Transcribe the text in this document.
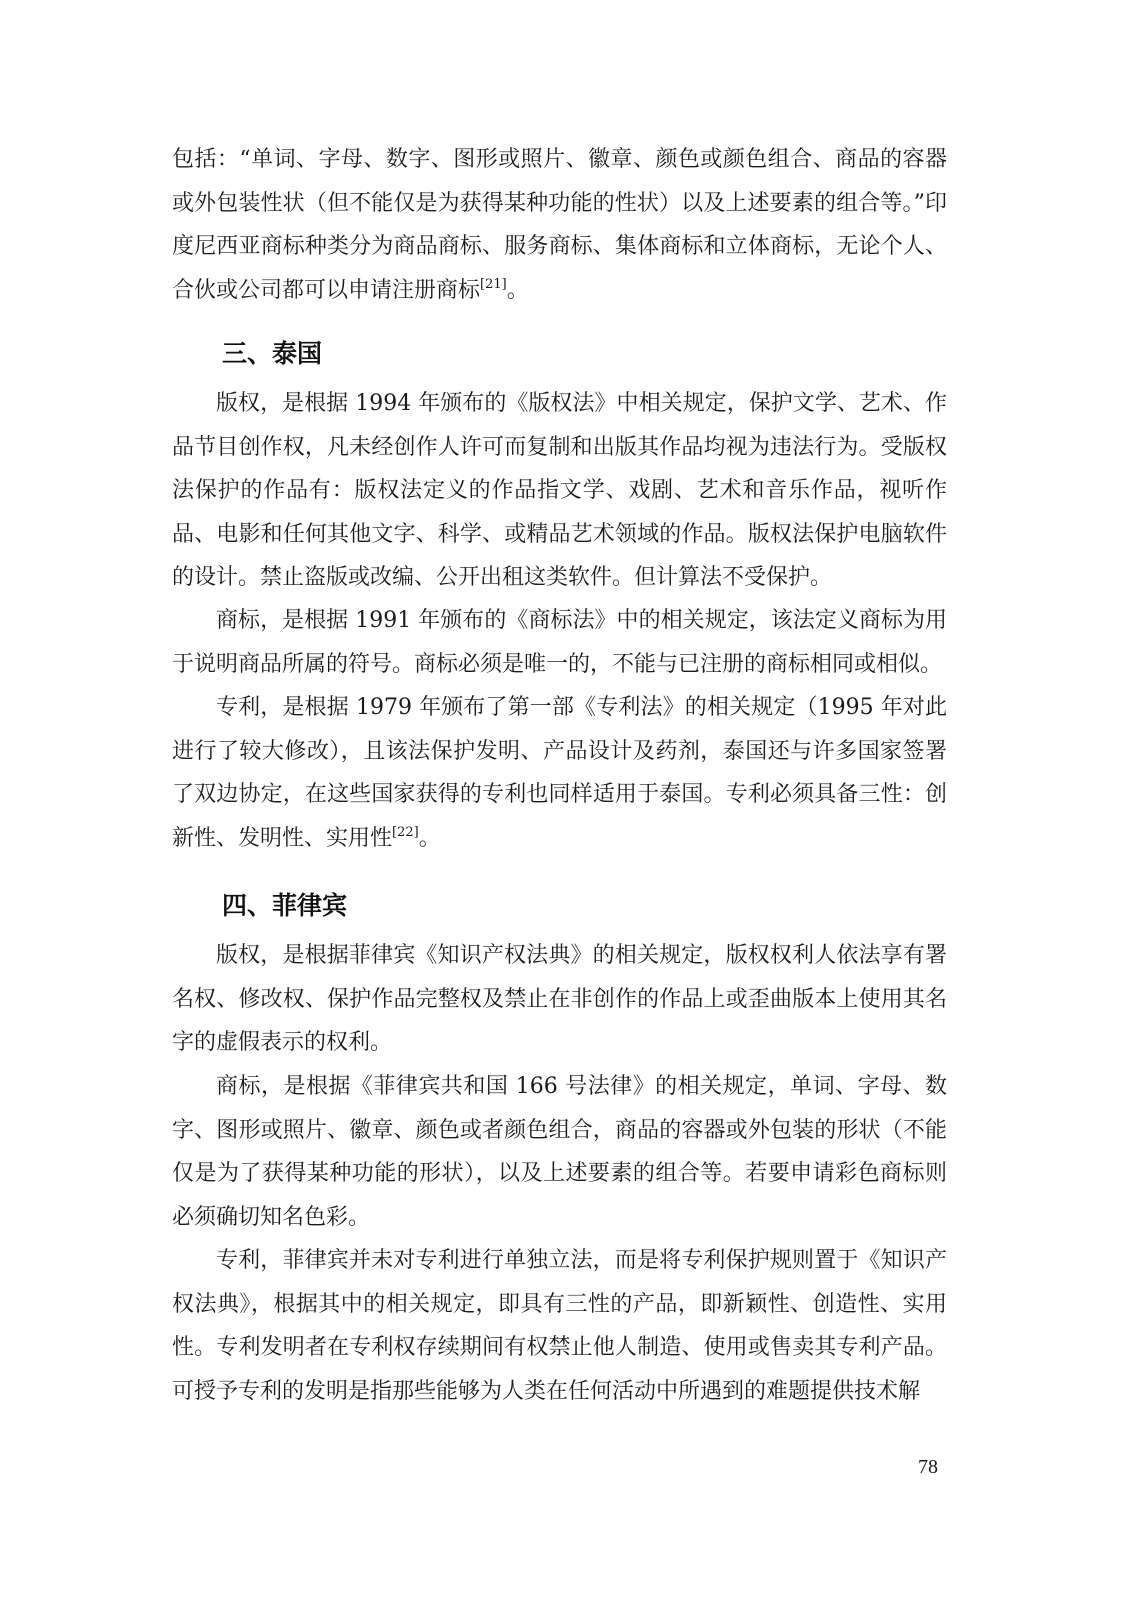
包括：“单词、字母、数字、图形或照片、徽章、颜色或颜色组合、商品的容器或外包装性状（但不能仅是为获得某种功能的性状）以及上述要素的组合等。”印度尼西亚商标种类分为商品商标、服务商标、集体商标和立体商标，无论个人、合伙或公司都可以申请注册商标[21]。

三、泰国

版权，是根据 1994 年颁布的《版权法》中相关规定，保护文学、艺术、作品节目创作权，凡未经创作人许可而复制和出版其作品均视为违法行为。受版权法保护的作品有：版权法定义的作品指文学、戏剧、艺术和音乐作品，视听作品、电影和任何其他文字、科学、或精品艺术领域的作品。版权法保护电脑软件的设计。禁止盗版或改编、公开出租这类软件。但计算法不受保护。

商标，是根据 1991 年颁布的《商标法》中的相关规定，该法定义商标为用于说明商品所属的符号。商标必须是唯一的，不能与已注册的商标相同或相似。

专利，是根据 1979 年颁布了第一部《专利法》的相关规定（1995 年对此进行了较大修改），且该法保护发明、产品设计及药剂，泰国还与许多国家签署了双边协定，在这些国家获得的专利也同样适用于泰国。专利必须具备三性：创新性、发明性、实用性[22]。

四、菲律宾

版权，是根据菲律宾《知识产权法典》的相关规定，版权权利人依法享有署名权、修改权、保护作品完整权及禁止在非创作的作品上或歪曲版本上使用其名字的虚假表示的权利。

商标，是根据《菲律宾共和国 166 号法律》的相关规定，单词、字母、数字、图形或照片、徽章、颜色或者颜色组合，商品的容器或外包装的形状（不能仅是为了获得某种功能的形状），以及上述要素的组合等。若要申请彩色商标则必须确切知名色彩。

专利，菲律宾并未对专利进行单独立法，而是将专利保护规则置于《知识产权法典》，根据其中的相关规定，即具有三性的产品，即新颖性、创造性、实用性。专利发明者在专利权存续期间有权禁止他人制造、使用或售卖其专利产品。可授予专利的发明是指那些能够为人类在任何活动中所遇到的难题提供技术解

78
